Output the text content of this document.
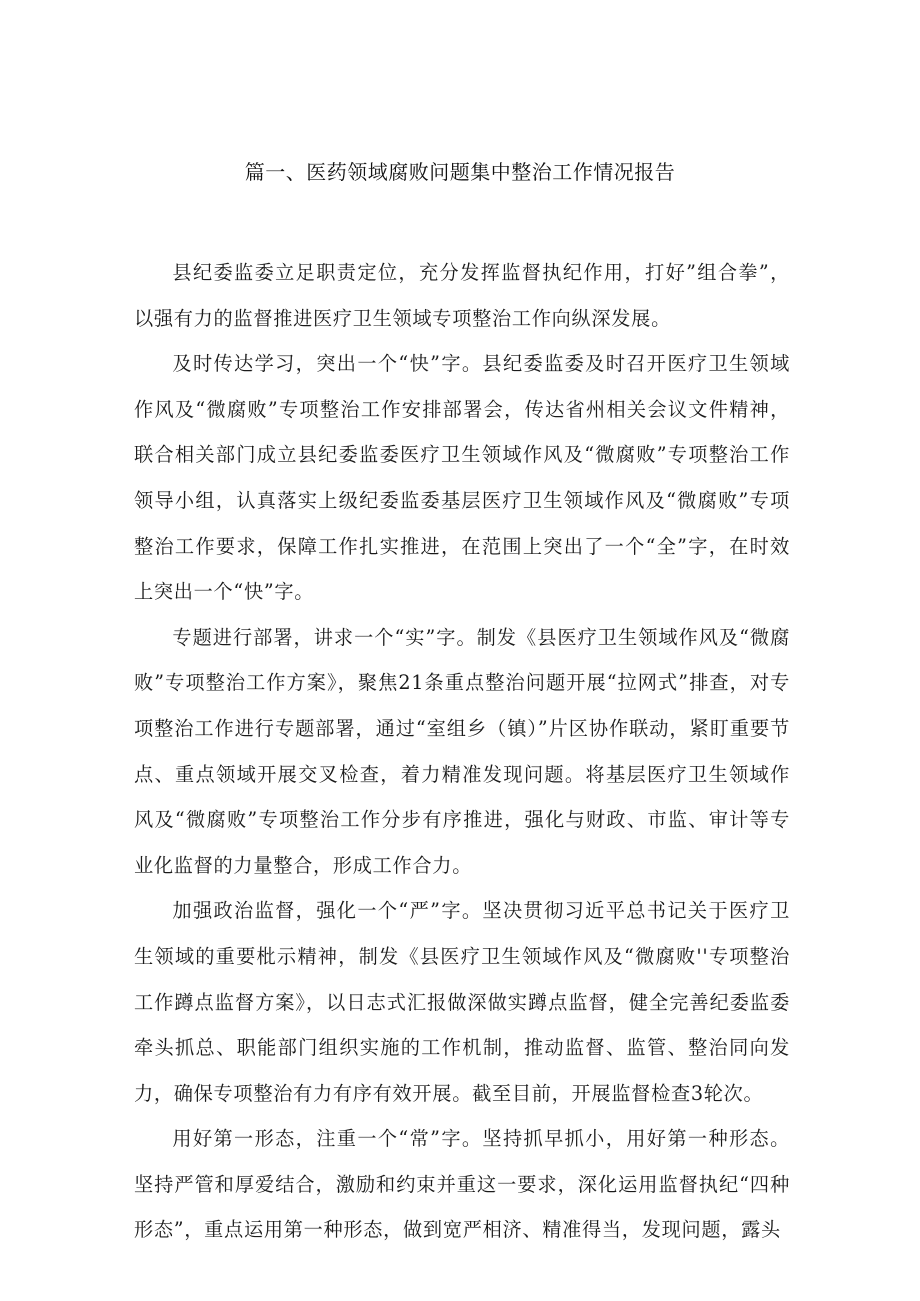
篇一、医药领域腐败问题集中整治工作情况报告

县纪委监委立足职责定位，充分发挥监督执纪作用，打好”组合拳”，以强有力的监督推进医疗卫生领域专项整治工作向纵深发展。

及时传达学习，突出一个“快”字。县纪委监委及时召开医疗卫生领域作风及“微腐败”专项整治工作安排部署会，传达省州相关会议文件精神，联合相关部门成立县纪委监委医疗卫生领域作风及“微腐败”专项整治工作领导小组，认真落实上级纪委监委基层医疗卫生领域作风及“微腐败”专项整治工作要求，保障工作扎实推进，在范围上突出了一个“全”字，在时效上突出一个“快”字。

专题进行部署，讲求一个“实”字。制发《县医疗卫生领域作风及“微腐败”专项整治工作方案》，聚焦21条重点整治问题开展“拉网式”排查，对专项整治工作进行专题部署，通过“室组乡（镇）”片区协作联动，紧盯重要节点、重点领域开展交叉检查，着力精准发现问题。将基层医疗卫生领域作风及“微腐败”专项整治工作分步有序推进，强化与财政、市监、审计等专业化监督的力量整合，形成工作合力。

加强政治监督，强化一个“严”字。坚决贯彻习近平总书记关于医疗卫生领域的重要枇示精神，制发《县医疗卫生领域作风及“微腐败''专项整治工作蹲点监督方案》，以日志式汇报做深做实蹲点监督，健全完善纪委监委牵头抓总、职能部门组织实施的工作机制，推动监督、监管、整治同向发力，确保专项整治有力有序有效开展。截至目前，开展监督检查3轮次。

用好第一形态，注重一个“常”字。坚持抓早抓小，用好第一种形态。坚持严管和厚爱结合，激励和约束并重这一要求，深化运用监督执纪“四种形态”，重点运用第一种形态，做到宽严相济、精准得当，发现问题，露头
